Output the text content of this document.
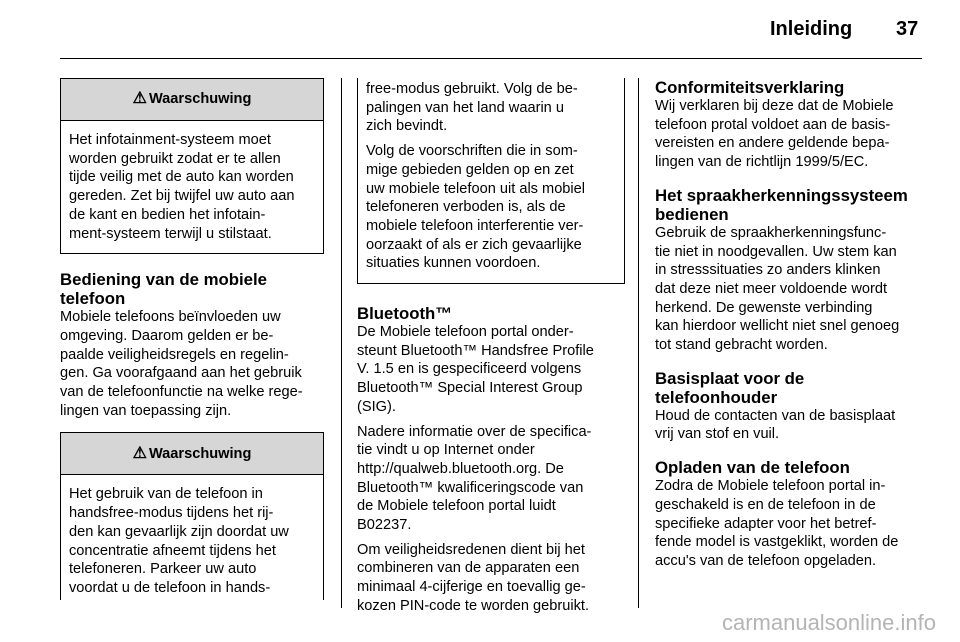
Inleiding 37
⚠ Waarschuwing

Het infotainment-systeem moet
worden gebruikt zodat er te allen
tijde veilig met de auto kan worden
gereden. Zet bij twijfel uw auto aan
de kant en bedien het infotain-
ment-systeem terwijl u stilstaat.

Bediening van de mobiele
telefoon

Mobiele telefoons beïnvloeden uw
omgeving. Daarom gelden er be-
paalde veiligheidsregels en regelin-
gen. Ga voorafgaand aan het gebruik
van de telefoonfunctie na welke rege-
lingen van toepassing zijn.

⚠ Waarschuwing

Het gebruik van de telefoon in
handsfree-modus tijdens het rij-
den kan gevaarlijk zijn doordat uw
concentratie afneemt tijdens het
telefoneren. Parkeer uw auto
voordat u de telefoon in hands-

free-modus gebruikt. Volg de be-
palingen van het land waarin u
zich bevindt.

Volg de voorschriften die in som-
mige gebieden gelden op en zet
uw mobiele telefoon uit als mobiel
telefoneren verboden is, als de
mobiele telefoon interferentie ver-
oorzaakt of als er zich gevaarlijke
situaties kunnen voordoen.

Bluetooth™

De Mobiele telefoon portal onder-
steunt Bluetooth™ Handsfree Profile
V. 1.5 en is gespecificeerd volgens
Bluetooth™ Special Interest Group
(SIG).

Nadere informatie over de specifica-
tie vindt u op Internet onder
http://qualweb.bluetooth.org. De
Bluetooth™ kwalificeringscode van
de Mobiele telefoon portal luidt
B02237.

Om veiligheidsredenen dient bij het
combineren van de apparaten een
minimaal 4-cijferige en toevallig ge-
kozen PIN-code te worden gebruikt.

Conformiteitsverklaring

Wij verklaren bij deze dat de Mobiele
telefoon protal voldoet aan de basis-
vereisten en andere geldende bepa-
lingen van de richtlijn 1999/5/EC.

Het spraakherkenningssysteem
bedienen

Gebruik de spraakherkenningsfunc-
tie niet in noodgevallen. Uw stem kan
in stresssituaties zo anders klinken
dat deze niet meer voldoende wordt
herkend. De gewenste verbinding
kan hierdoor wellicht niet snel genoeg
tot stand gebracht worden.

Basisplaat voor de
telefoonhouder

Houd de contacten van de basisplaat
vrij van stof en vuil.

Opladen van de telefoon

Zodra de Mobiele telefoon portal in-
geschakeld is en de telefoon in de
specifieke adapter voor het betref-
fende model is vastgeklikt, worden de
accu's van de telefoon opgeladen.

carmanualsonline.info
